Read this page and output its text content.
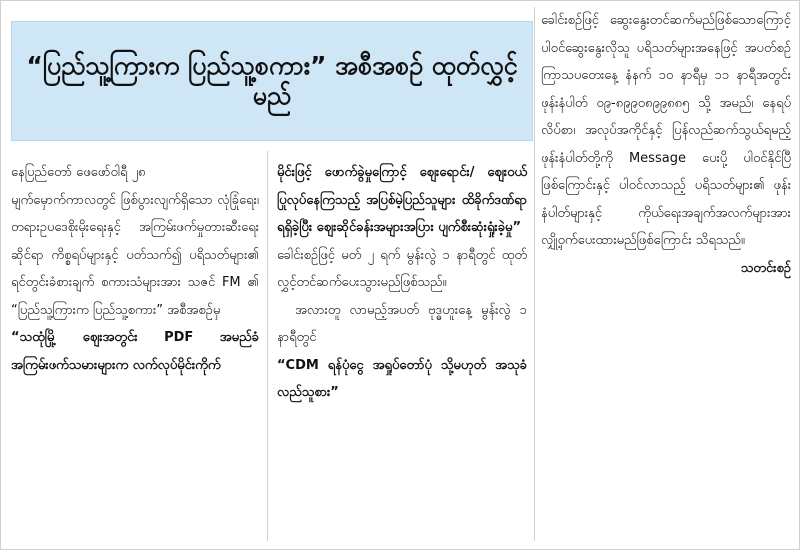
“ပြည်သူ့ကြားက ပြည်သူ့စကား” အစီအစဉ် ထုတ်လွှင့်မည်

နေပြည်တော် ဖေဖော်ဝါရီ ၂၈

မျက်မှောက်ကာလတွင် ဖြစ်ပွားလျက်ရှိသော လုံခြုံရေး၊ တရားဥပဒေစိုးမိုးရေးနှင့် အကြမ်းဖက်မှုတားဆီးရေးဆိုင်ရာ ကိစ္စရပ်များနှင့် ပတ်သက်၍ ပရိသတ်များ၏ ရင်တွင်းခံစားချက် စကားသံများအား သဇင် FM ၏ “ပြည်သူ့ကြားက ပြည်သူ့စကား” အစီအစဉ်မှ

“သထုံမြို့ စျေးအတွင်း PDF အမည်ခံ အကြမ်းဖက်သမားများက လက်လုပ်မိုင်းကိုက်

မိုင်းဖြင့် ဖောက်ခွဲမှုကြောင့် စျေးရောင်း/ စျေးဝယ်ပြုလုပ်နေကြသည့် အပြစ်မဲ့ပြည်သူများ ထိခိုက်ဒဏ်ရာရရှိခဲ့ပြီး စျေးဆိုင်ခန်းအများအပြား ပျက်စီးဆုံးရှုံးခဲ့မှု”

ခေါင်းစဉ်ဖြင့် မတ် ၂ ရက် မွန်းလွဲ ၁ နာရီတွင် ထုတ်လွှင့်တင်ဆက်ပေးသွားမည်ဖြစ်သည်။

အလားတူ လာမည့်အပတ် ဗုဒ္ဓဟူးနေ့ မွန်းလွဲ ၁ နာရီတွင်

“CDM ရန်ပုံငွေ အရှုပ်တော်ပုံ သို့မဟုတ် အသုခံ လည်သူစား”

ခေါင်းစဉ်ဖြင့် ဆွေးနွေးတင်ဆက်မည်ဖြစ်သောကြောင့် ပါဝင်ဆွေးနွေးလိုသူ ပရိသတ်များအနေဖြင့် အပတ်စဉ် ကြာသပတေးနေ့ နံနက် ၁၀ နာရီမှ ၁၁ နာရီအတွင်း ဖုန်းနံပါတ် ၀၉-၈၉၉၀၈၉၉၈၈၅ သို့ အမည်၊ နေရပ်လိပ်စာ၊ အလုပ်အကိုင်နှင့် ပြန်လည်ဆက်သွယ်ရမည့် ဖုန်းနံပါတ်တို့ကို Message ပေးပို့ ပါဝင်နိုင်ပြီဖြစ်ကြောင်းနှင့် ပါဝင်လာသည့် ပရိသတ်များ၏ ဖုန်းနံပါတ်များနှင့် ကိုယ်ရေးအချက်အလက်များအား လျှို့ဝှက်ပေးထားမည်ဖြစ်ကြောင်း သိရသည်။

သတင်းစဉ်
